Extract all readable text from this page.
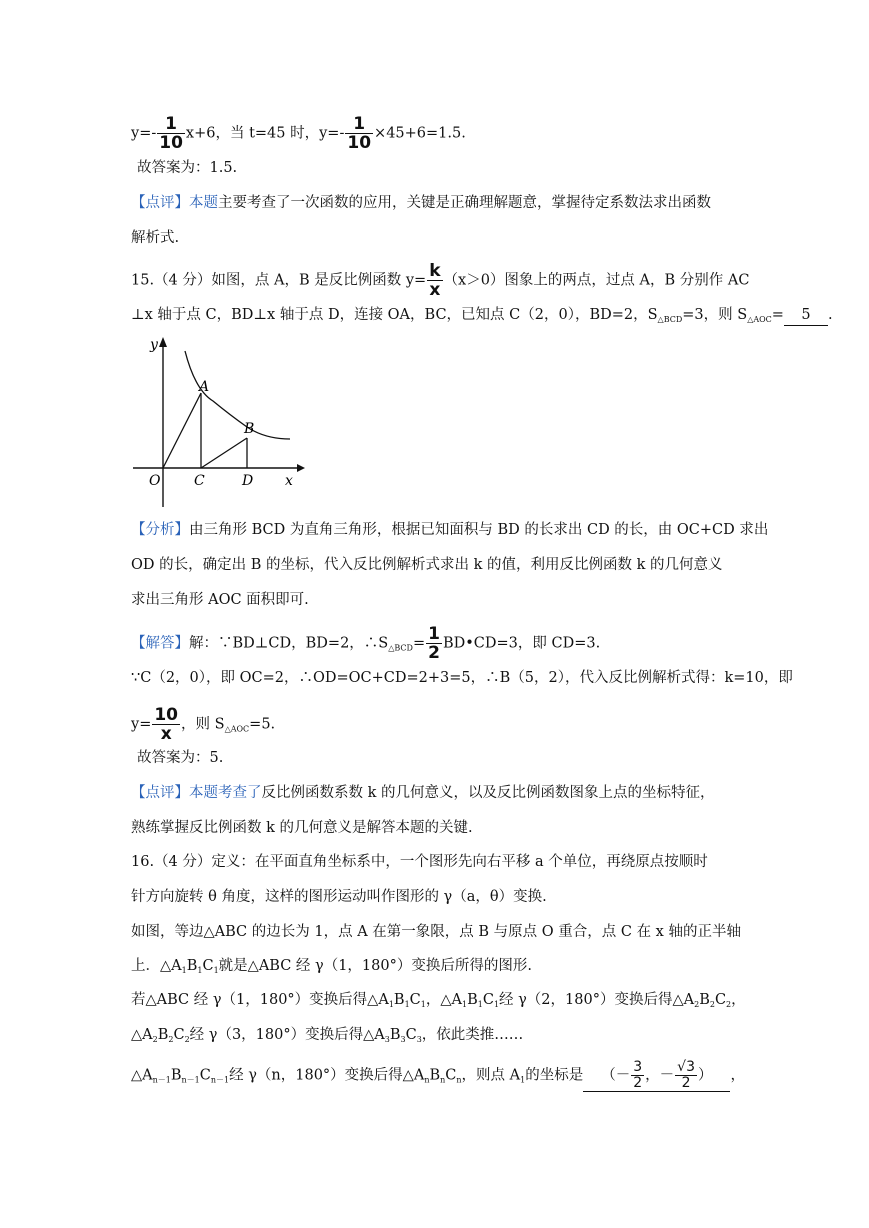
$y=- \frac{1}{10} x+6$，当 t=45 时，$y=- \frac{1}{10} \times 45+6=1.5$.
故答案为：1.5.
【点评】本题主要考查了一次函数的应用，关键是正确理解题意，掌握待定系数法求出函数
解析式.
15.（4 分）如图，点 A，B 是反比例函数 $y= \frac{k}{x} (x>0)$图象上的两点，过点 A，B 分别作 AC
⊥x 轴于点 C，BD⊥x 轴于点 D，连接 OA，BC，已知点 C（2，0），BD=2，$S_{\triangle BCD}=3$，则 $S_{\triangle AOC}= 5$ .
y
x
O
A
B
C	D
【分析】由三角形 BCD 为直角三角形，根据已知面积与 BD 的长求出 CD 的长，由 OC+CD 求出
OD 的长，确定出 B 的坐标，代入反比例解析式求出 k 的值，利用反比例函数 k 的几何意义
求出三角形 AOC 面积即可.
【解答】解：∵BD⊥CD，BD=2，$\therefore S_{\triangle BCD}= \frac{1}{2}$ BD•CD=3，即 CD=3.
∵C（2，0），即 OC=2，∴OD=OC+CD=2+3=5，∴B（5，2），代入反比例解析式得：k=10，即
$y= \frac{10}{x}$ ，则 $S_{\triangle AOC}=5$.
故答案为：5.
【点评】本题考查了反比例函数系数 k 的几何意义，以及反比例函数图象上点的坐标特征，
熟练掌握反比例函数 k 的几何意义是解答本题的关键.
16.（4 分）定义：在平面直角坐标系中，一个图形先向右平移 a 个单位，再绕原点按顺时
针方向旋转 θ 角度，这样的图形运动叫作图形的 γ（a，θ）变换.
如图，等边△ABC 的边长为 1，点 A 在第一象限，点 B 与原点 O 重合，点 C 在 x 轴的正半轴
上．$\triangle A_1B_1C_1$就是△ABC 经 γ（1，180°）变换后所得的图形.
若△ABC 经 γ（1，180°）变换后得$\triangle A_1B_1C_1$，$\triangle A_1B_1C_1$经 γ（2，180°）变换后得$\triangle A_2B_2C_2$，
$\triangle A_2B_2C_2$经 γ（3，180°）变换后得$\triangle A_3B_3C_3$，依此类推……
$\triangle A_{n-1}B_{n-1}C_{n-1}$经 γ（n，180°）变换后得$\triangle A_nB_nC_n$，则点 $A_1$的坐标是 （－ $\frac{3}{2}$ ，－ $\frac{√3}{2}$ ） ，
